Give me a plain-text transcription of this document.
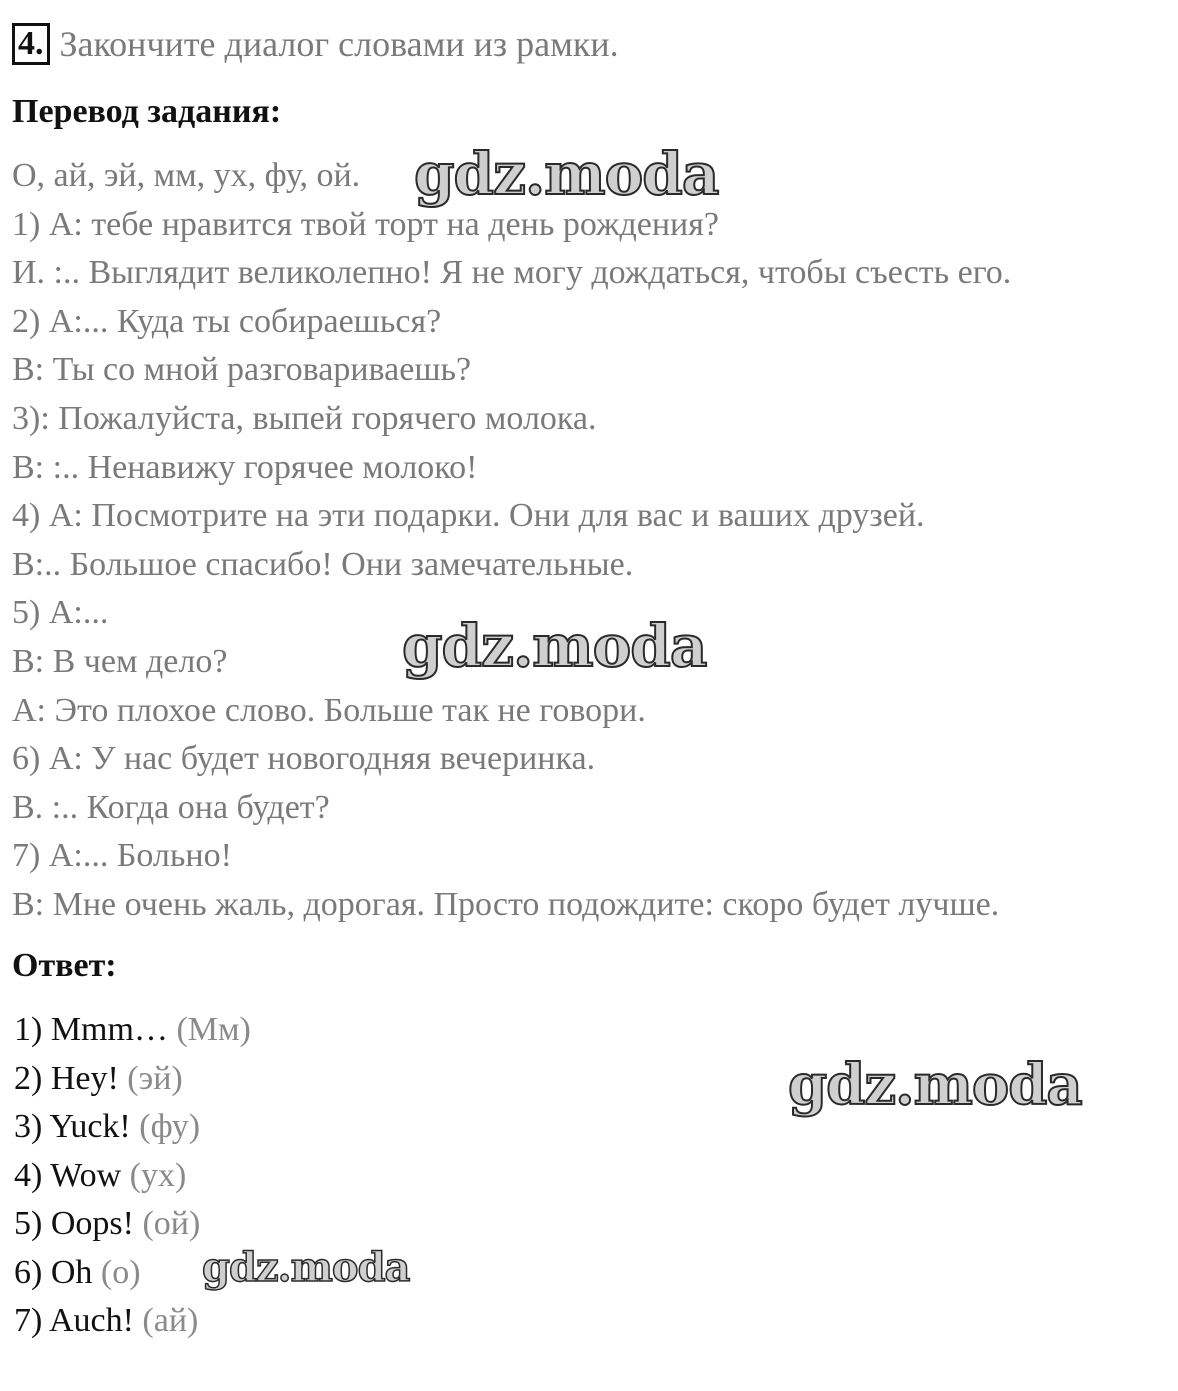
4. Закончите диалог словами из рамки.
Перевод задания:
О, ай, эй, мм, ух, фу, ой.
1) А: тебе нравится твой торт на день рождения?
И. :.. Выглядит великолепно! Я не могу дождаться, чтобы съесть его.
2) А:... Куда ты собираешься?
В: Ты со мной разговариваешь?
3): Пожалуйста, выпей горячего молока.
В: :.. Ненавижу горячее молоко!
4) А: Посмотрите на эти подарки. Они для вас и ваших друзей.
В:.. Большое спасибо! Они замечательные.
5) А:...
В: В чем дело?
А: Это плохое слово. Больше так не говори.
6) А: У нас будет новогодняя вечеринка.
В. :.. Когда она будет?
7) А:... Больно!
В: Мне очень жаль, дорогая. Просто подождите: скоро будет лучше.
Ответ:
1) Mmm… (Мм)
2) Hey! (эй)
3) Yuck! (фу)
4) Wow (ух)
5) Oops! (ой)
6) Oh (о)
7) Auch! (ай)
gdz.moda
gdz.moda
gdz.moda
gdz.moda
